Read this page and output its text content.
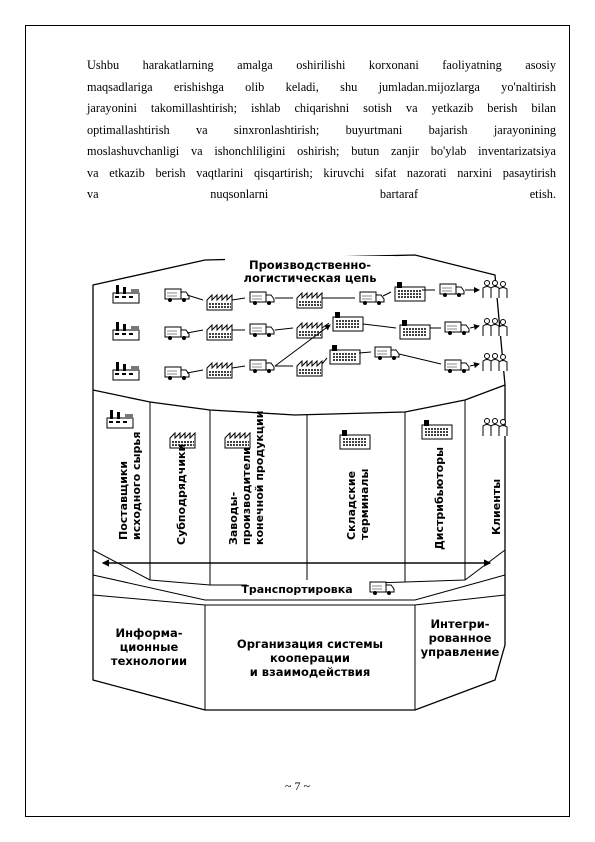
Ushbu harakatlarning amalga oshirilishi korxonani faoliyatning asosiy
maqsadlariga erishishga olib keladi, shu jumladan.mijozlarga yo'naltirish
jarayonini takomillashtirish; ishlab chiqarishni sotish va yetkazib berish bilan
optimallashtirish va sinxronlashtirish; buyurtmani bajarish jarayonining
moslashuvchanligi va ishonchliligini oshirish; butun zanjir bo'ylab inventarizatsiya
va etkazib berish vaqtlarini qisqartirish; kiruvchi sifat nazorati narxini pasaytirish
va nuqsonlarni bartaraf etish.
Производственно-
логистическая цепь
Поставщики исходного сырья	Субподрядчики	Заводы- производители конечной продукции	Складские терминалы	Дистрибьюторы	Клиенты
Транспортировка
Информа-
ционные
технологии
Организация системы
кооперации
и взаимодействия
Интегри-
рованное
управление
~ 7 ~
